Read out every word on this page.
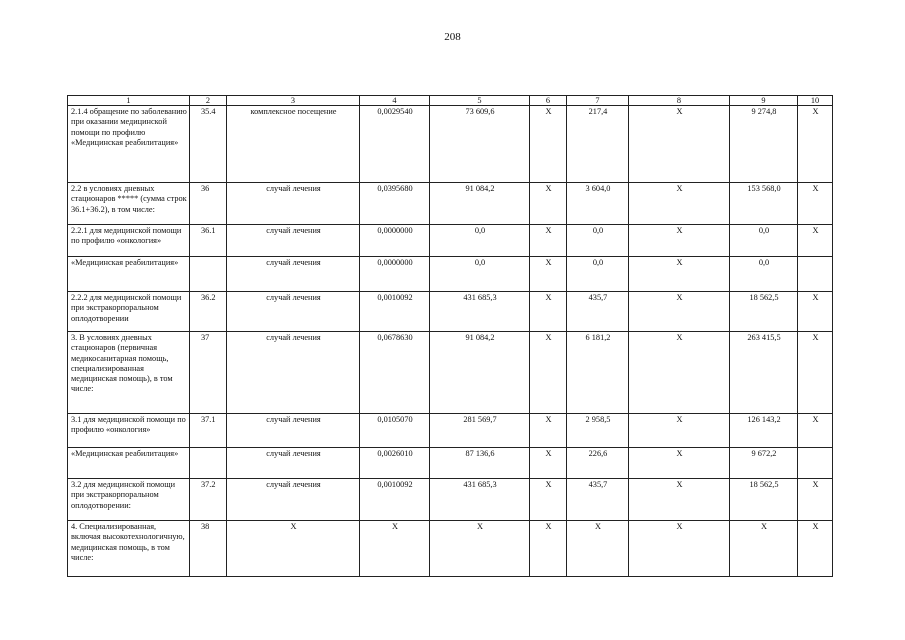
208
1	2	3	4	5	6	7	8	9	10
2.1.4 обращение по заболеванию при оказании медицинской помощи по профилю «Медицинская реабилитация»	35.4	комплексное посещение	0,0029540	73 609,6	X	217,4	X	9 274,8	X
2.2 в условиях дневных стационаров ***** (сумма строк 36.1+36.2), в том числе:	36	случай лечения	0,0395680	91 084,2	X	3 604,0	X	153 568,0	X
2.2.1 для медицинской помощи по профилю «онкология»	36.1	случай лечения	0,0000000	0,0	X	0,0	X	0,0	X
«Медицинская реабилитация»		случай лечения	0,0000000	0,0	X	0,0	X	0,0	
2.2.2 для медицинской помощи при экстракорпоральном оплодотворении	36.2	случай лечения	0,0010092	431 685,3	X	435,7	X	18 562,5	X
3. В условиях дневных стационаров (первичная медикосанитарная помощь, специализированная медицинская помощь), в том числе:	37	случай лечения	0,0678630	91 084,2	X	6 181,2	X	263 415,5	X
3.1 для медицинской помощи по профилю «онкология»	37.1	случай лечения	0,0105070	281 569,7	X	2 958,5	X	126 143,2	X
«Медицинская реабилитация»		случай лечения	0,0026010	87 136,6	X	226,6	X	9 672,2	
3.2 для медицинской помощи при экстракорпоральном оплодотворении:	37.2	случай лечения	0,0010092	431 685,3	X	435,7	X	18 562,5	X
4. Специализированная, включая высокотехнологичную, медицинская помощь, в том числе:	38	X	X	X	X	X	X	X	X
